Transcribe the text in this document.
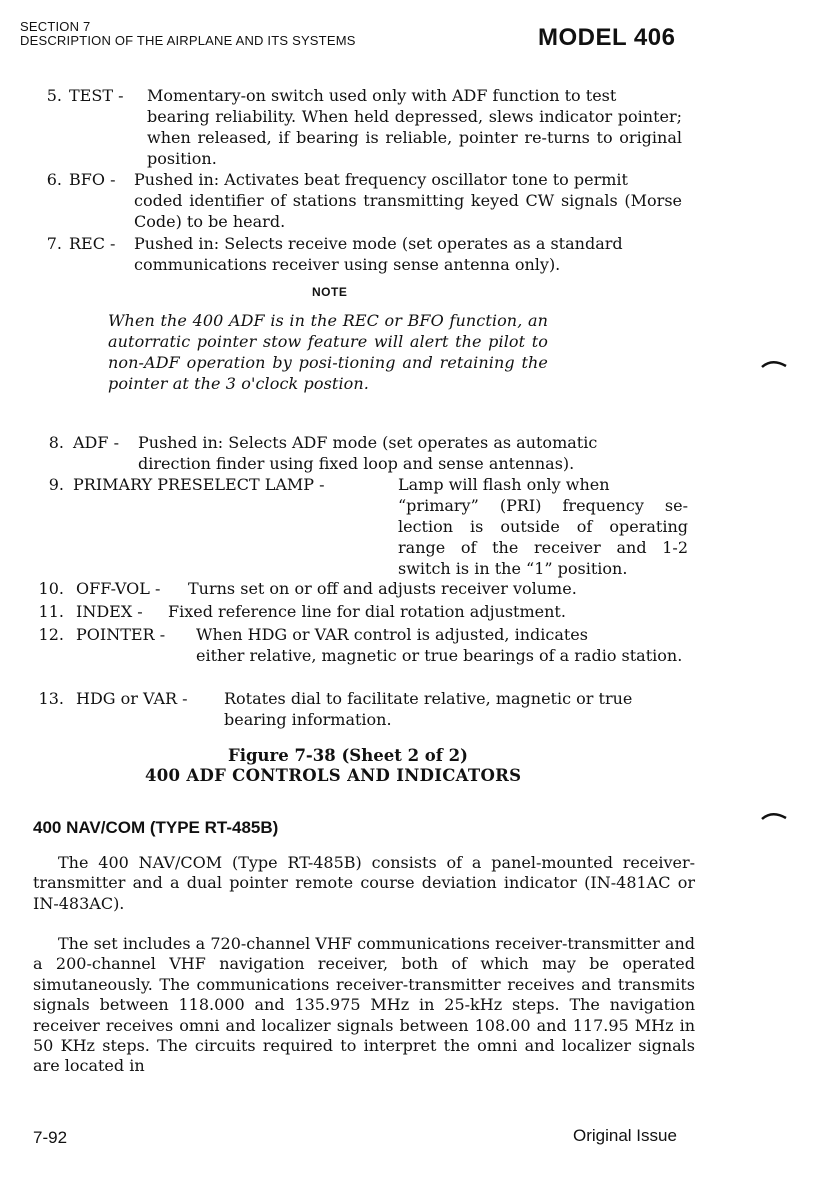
SECTION 7
DESCRIPTION OF THE AIRPLANE AND ITS SYSTEMS	MODEL 406
5. TEST - Momentary-on switch used only with ADF function to test
bearing reliability. When held depressed, slews indicator pointer; when released, if bearing is reliable, pointer re-turns to original position.
6. BFO - Pushed in: Activates beat frequency oscillator tone to permit
coded identifier of stations transmitting keyed CW signals (Morse Code) to be heard.
7. REC - Pushed in: Selects receive mode (set operates as a standard
communications receiver using sense antenna only).
NOTE
When the 400 ADF is in the REC or BFO function, an autorratic pointer stow feature will alert the pilot to non-ADF operation by posi-tioning and retaining the pointer at the 3 o'clock postion.
8. ADF - Pushed in: Selects ADF mode (set operates as automatic
direction finder using fixed loop and sense antennas).
9. PRIMARY PRESELECT LAMP -	Lamp will flash only when
“primary” (PRI) frequency se-lection is outside of operating range of the receiver and 1-2 switch is in the “1” position.
10. OFF-VOL - Turns set on or off and adjusts receiver volume.
11. INDEX - Fixed reference line for dial rotation adjustment.
12. POINTER - When HDG or VAR control is adjusted, indicates
either relative, magnetic or true bearings of a radio station.
13. HDG or VAR - Rotates dial to facilitate relative, magnetic or true
bearing information.
Figure 7-38 (Sheet 2 of 2)
400 ADF CONTROLS AND INDICATORS
400 NAV/COM (TYPE RT-485B)
The 400 NAV/COM (Type RT-485B) consists of a panel-mounted receiver-transmitter and a dual pointer remote course deviation indicator (IN-481AC or IN-483AC).
The set includes a 720-channel VHF communications receiver-transmitter and a 200-channel VHF navigation receiver, both of which may be operated simutaneously. The communications receiver-transmitter receives and transmits signals between 118.000 and 135.975 MHz in 25-kHz steps. The navigation receiver receives omni and localizer signals between 108.00 and 117.95 MHz in 50 KHz steps. The circuits required to interpret the omni and localizer signals are located in
7-92	Original Issue
